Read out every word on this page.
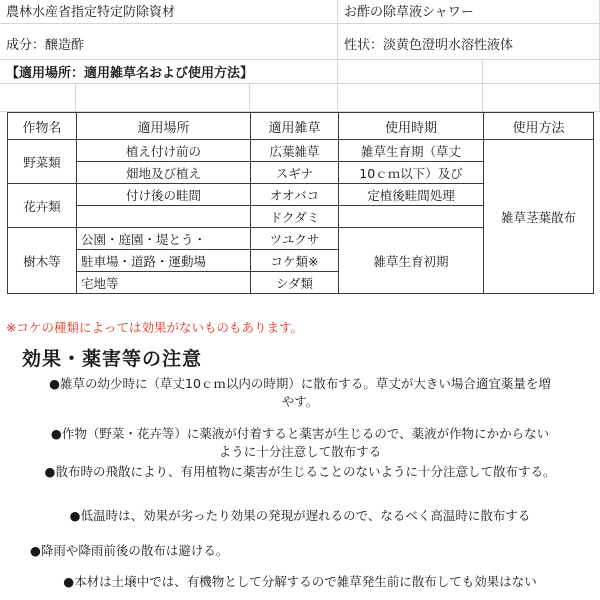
農林水産省指定特定防除資材	お酢の除草液シャワー
成分：醸造酢	性状：淡黄色澄明水溶性液体
【適用場所：適用雑草名および使用方法】
作物名	適用場所	適用雑草	使用時期	使用方法
野菜類	植え付け前の	広葉雑草	雑草生育期（草丈	雑草茎葉散布
	畑地及び植え	スギナ	10ｃｍ以下）及び	
花卉類	付け後の畦間	オオバコ	定植後畦間処理	
		ドクダミ		
樹木等	公園・庭園・堤とう・	ツユクサ	雑草生育初期	
	駐車場・道路・運動場	コケ類※		
	宅地等	シダ類		
※コケの種類によっては効果がないものもあります。
効果・薬害等の注意
●雑草の幼少時に（草丈10ｃｍ以内の時期）に散布する。草丈が大きい場合適宜薬量を増
やす。
●作物（野菜・花卉等）に薬液が付着すると薬害が生じるので、薬液が作物にかからない
ように十分注意して散布する
●散布時の飛散により、有用植物に薬害が生じることのないように十分注意して散布する。
●低温時は、効果が劣ったり効果の発現が遅れるので、なるべく高温時に散布する
●降雨や降雨前後の散布は避ける。
●本材は土壌中では、有機物として分解するので雑草発生前に散布しても効果はない
